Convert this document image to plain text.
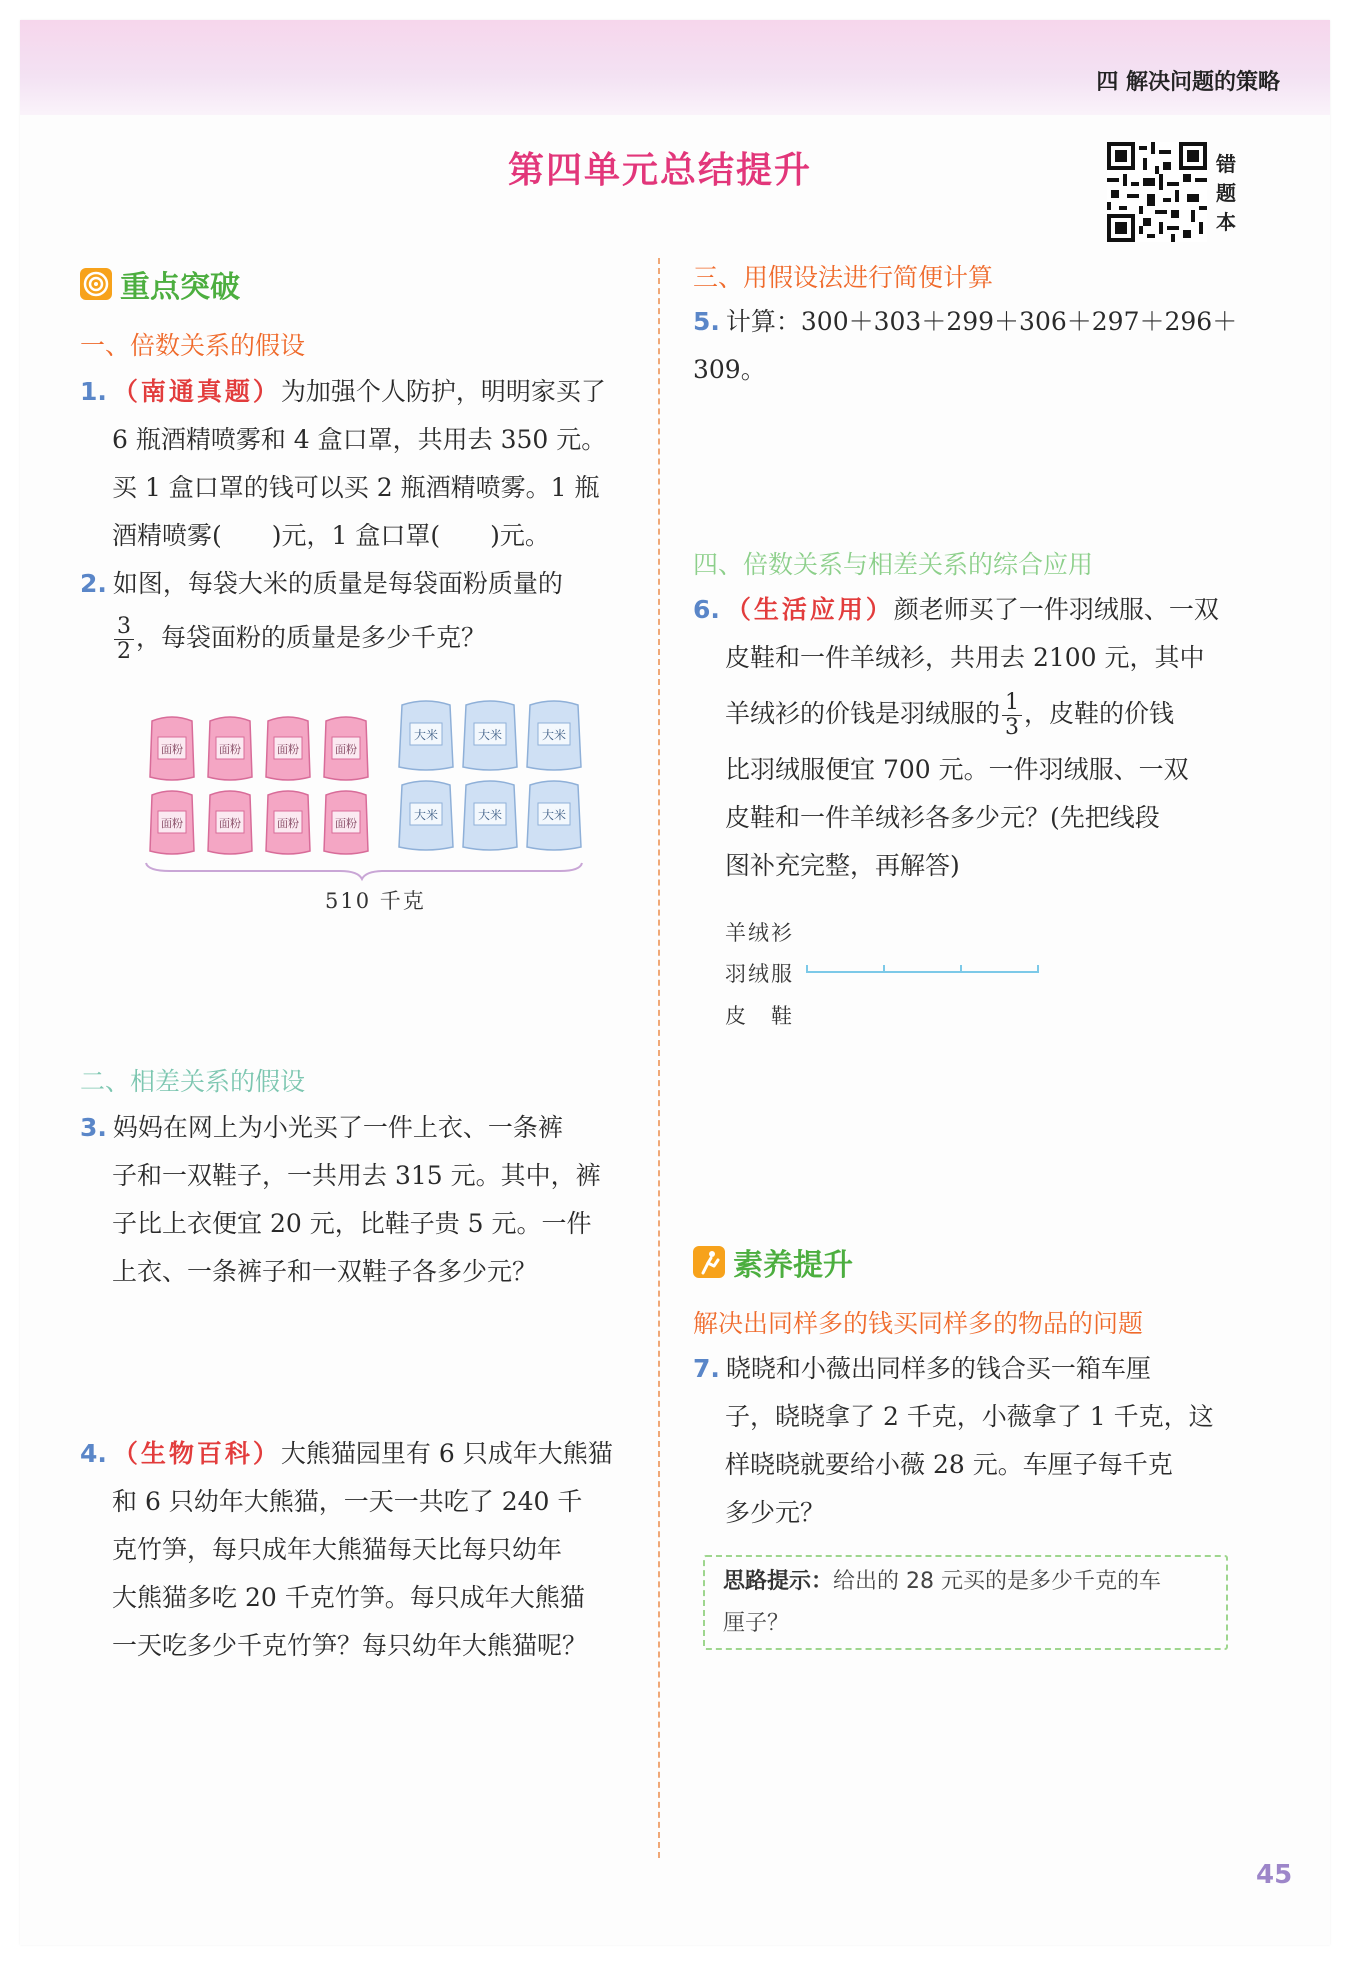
四 解决问题的策略
第四单元总结提升	错
题
本
重点突破
一、倍数关系的假设
1. （南通真题）为加强个人防护，明明家买了
6 瓶酒精喷雾和 4 盒口罩，共用去 350 元。
买 1 盒口罩的钱可以买 2 瓶酒精喷雾。1 瓶
酒精喷雾(　　)元，1 盒口罩(　　)元。
2. 如图，每袋大米的质量是每袋面粉质量的
$\frac{3}{2}$ ，每袋面粉的质量是多少千克？
面粉	面粉	面粉	面粉
面粉	面粉	面粉	面粉
大米	大米	大米
大米	大米	大米
510 千克
二、相差关系的假设
3. 妈妈在网上为小光买了一件上衣、一条裤
子和一双鞋子，一共用去 315 元。其中，裤
子比上衣便宜 20 元，比鞋子贵 5 元。一件
上衣、一条裤子和一双鞋子各多少元？
4. （生物百科）大熊猫园里有 6 只成年大熊猫
和 6 只幼年大熊猫，一天一共吃了 240 千
克竹笋，每只成年大熊猫每天比每只幼年
大熊猫多吃 20 千克竹笋。每只成年大熊猫
一天吃多少千克竹笋？每只幼年大熊猫呢？
三、用假设法进行简便计算
5. 计算：300＋303＋299＋306＋297＋296＋309。
四、倍数关系与相差关系的综合应用
6. （生活应用）颜老师买了一件羽绒服、一双
皮鞋和一件羊绒衫，共用去 2100 元，其中
羊绒衫的价钱是羽绒服的 $\frac{1}{3}$ ，皮鞋的价钱
比羽绒服便宜 700 元。一件羽绒服、一双
皮鞋和一件羊绒衫各多少元？(先把线段
图补充完整，再解答)
羊绒衫
羽绒服
皮　鞋
素养提升
解决出同样多的钱买同样多的物品的问题
7. 晓晓和小薇出同样多的钱合买一箱车厘
子，晓晓拿了 2 千克，小薇拿了 1 千克，这
样晓晓就要给小薇 28 元。车厘子每千克
多少元？
思路提示：给出的 28 元买的是多少千克的车
厘子？
45
